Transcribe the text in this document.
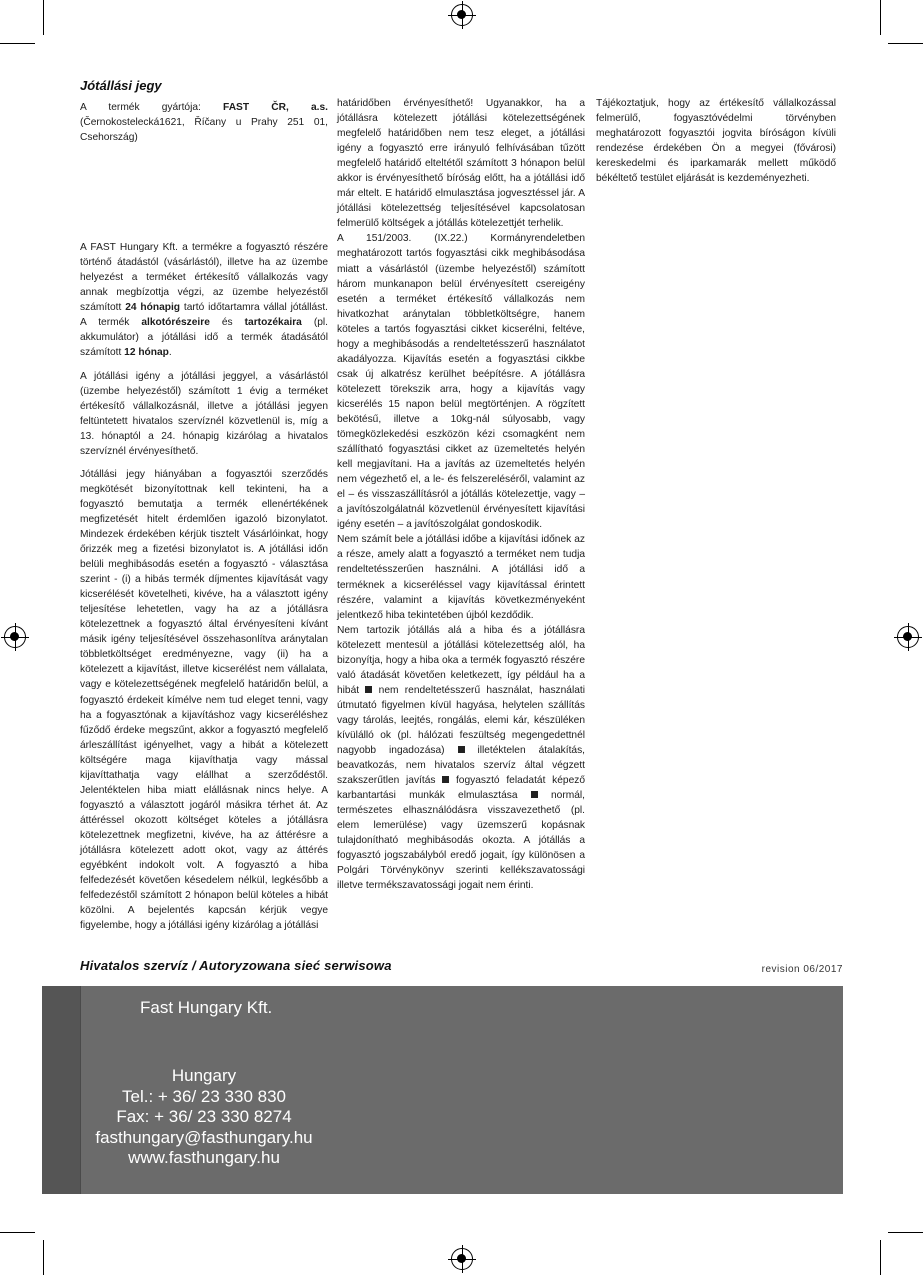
Jótállási jegy

A termék gyártója: FAST ČR, a.s. (Černokostelecká1621, Říčany u Prahy 251 01, Csehország)

A FAST Hungary Kft. a termékre a fogyasztó részére történő átadástól (vásárlástól), illetve ha az üzembe helyezést a terméket értékesítő vállalkozás vagy annak megbízottja végzi, az üzembe helyezéstől számított 24 hónapig tartó időtartamra vállal jótállást. A termék alkotórészeire és tartozékaira (pl. akkumulátor) a jótállási idő a termék átadásától számított 12 hónap.

A jótállási igény a jótállási jeggyel, a vásárlástól (üzembe helyezéstől) számított 1 évig a terméket értékesítő vállalkozásnál, illetve a jótállási jegyen feltüntetett hivatalos szervíznél közvetlenül is, míg a 13. hónaptól a 24. hónapig kizárólag a hivatalos szervíznél érvényesíthető.

Jótállási jegy hiányában a fogyasztói szerződés megkötését bizonyítottnak kell tekinteni, ha a fogyasztó bemutatja a termék ellenértékének megfizetését hitelt érdemlően igazoló bizonylatot. Mindezek érdekében kérjük tisztelt Vásárlóinkat, hogy őrizzék meg a fizetési bizonylatot is. A jótállási időn belüli meghibásodás esetén a fogyasztó - választása szerint - (i) a hibás termék díjmentes kijavítását vagy kicserélését követelheti, kivéve, ha a választott igény teljesítése lehetetlen, vagy ha az a jótállásra kötelezettnek a fogyasztó által érvényesíteni kívánt másik igény teljesítésével összehasonlítva aránytalan többletköltséget eredményezne, vagy (ii) ha a kötelezett a kijavítást, illetve kicserélést nem vállalata, vagy e kötelezettségének megfelelő határidőn belül, a fogyasztó érdekeit kímélve nem tud eleget tenni, vagy ha a fogyasztónak a kijavításhoz vagy kicseréléshez fűződő érdeke megszűnt, akkor a fogyasztó megfelelő árleszállítást igényelhet, vagy a hibát a kötelezett költségére maga kijavíthatja vagy mással kijavíttathatja vagy elállhat a szerződéstől. Jelentéktelen hiba miatt elállásnak nincs helye. A fogyasztó a választott jogáról másikra térhet át. Az áttéréssel okozott költséget köteles a jótállásra kötelezettnek megfizetni, kivéve, ha az áttérésre a jótállásra kötelezett adott okot, vagy az áttérés egyébként indokolt volt. A fogyasztó a hiba felfedezését követően késedelem nélkül, legkésőbb a felfedezéstől számított 2 hónapon belül köteles a hibát közölni. A bejelentés kapcsán kérjük vegye figyelembe, hogy a jótállási igény kizárólag a jótállási

határidőben érvényesíthető! Ugyanakkor, ha a jótállásra kötelezett jótállási kötelezettségének megfelelő határidőben nem tesz eleget, a jótállási igény a fogyasztó erre irányuló felhívásában tűzött megfelelő határidő elteltétől számított 3 hónapon belül akkor is érvényesíthető bíróság előtt, ha a jótállási idő már eltelt. E határidő elmulasztása jogvesztéssel jár. A jótállási kötelezettség teljesítésével kapcsolatosan felmerülő költségek a jótállás kötelezettjét terhelik.

A 151/2003. (IX.22.) Kormányrendeletben meghatározott tartós fogyasztási cikk meghibásodása miatt a vásárlástól (üzembe helyezéstől) számított három munkanapon belül érvényesített csereigény esetén a terméket értékesítő vállalkozás nem hivatkozhat aránytalan többletköltségre, hanem köteles a tartós fogyasztási cikket kicserélni, feltéve, hogy a meghibásodás a rendeltetésszerű használatot akadályozza. Kijavítás esetén a fogyasztási cikkbe csak új alkatrész kerülhet beépítésre. A jótállásra kötelezett törekszik arra, hogy a kijavítás vagy kicserélés 15 napon belül megtörténjen. A rögzített bekötésű, illetve a 10kg-nál súlyosabb, vagy tömegközlekedési eszközön kézi csomagként nem szállítható fogyasztási cikket az üzemeltetés helyén kell megjavítani. Ha a javítás az üzemeltetés helyén nem végezhető el, a le- és felszereléséről, valamint az el – és visszaszállításról a jótállás kötelezettje, vagy – a javítószolgálatnál közvetlenül érvényesített kijavítási igény esetén – a javítószolgálat gondoskodik.

Nem számít bele a jótállási időbe a kijavítási időnek az a része, amely alatt a fogyasztó a terméket nem tudja rendeltetésszerűen használni. A jótállási idő a terméknek a kicseréléssel vagy kijavítással érintett részére, valamint a kijavítás következményeként jelentkező hiba tekintetében újból kezdődik.

Nem tartozik jótállás alá a hiba és a jótállásra kötelezett mentesül a jótállási kötelezettség alól, ha bizonyítja, hogy a hiba oka a termék fogyasztó részére való átadását követően keletkezett, így például ha a hibát  nem rendeltetésszerű használat, használati útmutató figyelmen kívül hagyása, helytelen szállítás vagy tárolás, leejtés, rongálás, elemi kár, készüléken kívülálló ok (pl. hálózati feszültség megengedettnél nagyobb ingadozása)  illetéktelen átalakítás, beavatkozás, nem hivatalos szervíz által végzett szakszerűtlen javítás  fogyasztó feladatát képező karbantartási munkák elmulasztása  normál, természetes elhasználódásra visszavezethető (pl. elem lemerülése) vagy üzemszerű kopásnak tulajdonítható meghibásodás okozta. A jótállás a fogyasztó jogszabályból eredő jogait, így különösen a Polgári Törvénykönyv szerinti kellékszavatossági illetve termékszavatossági jogait nem érinti.

Tájékoztatjuk, hogy az értékesítő vállalkozással felmerülő, fogyasztóvédelmi törvényben meghatározott fogyasztói jogvita bíróságon kívüli rendezése érdekében Ön a megyei (fővárosi) kereskedelmi és iparkamarák mellett működő békéltető testület eljárását is kezdeményezheti.

Hivatalos szervíz / Autoryzowana sieć serwisowa	revision 06/2017
Fast Hungary Kft.
Hungary
Tel.: + 36/ 23 330 830
Fax: + 36/ 23 330 8274
fasthungary@fasthungary.hu
www.fasthungary.hu
